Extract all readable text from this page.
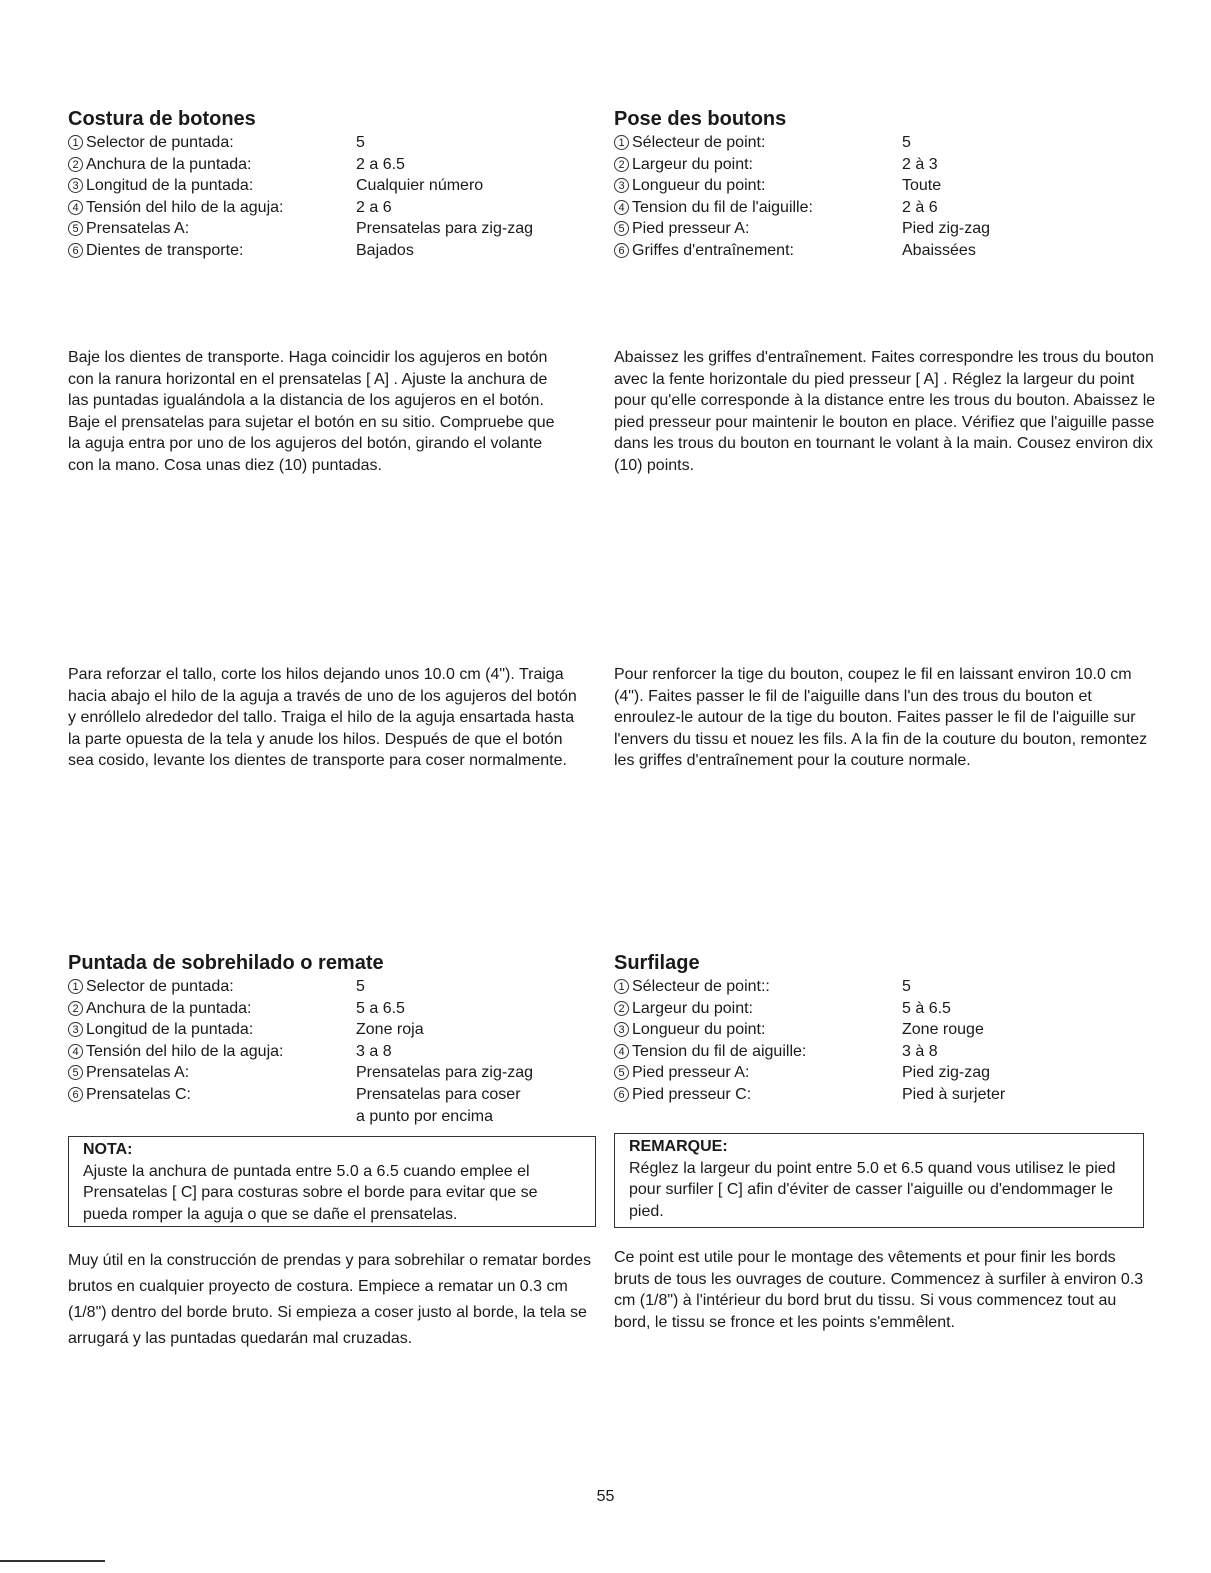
Costura de botones
1 Selector de puntada:	5
2 Anchura de la puntada:	2 a 6.5
3 Longitud de la puntada:	Cualquier número
4 Tensión del hilo de la aguja:	2 a 6
5 Prensatelas A:	Prensatelas para zig-zag
6 Dientes de transporte:	Bajados

Baje los dientes de transporte. Haga coincidir los agujeros en botón con la ranura horizontal en el prensatelas [ A] . Ajuste la anchura de las puntadas igualándola a la distancia de los agujeros en el botón. Baje el prensatelas para sujetar el botón en su sitio. Compruebe que la aguja entra por uno de los agujeros del botón, girando el volante con la mano. Cosa unas diez (10) puntadas.

Para reforzar el tallo, corte los hilos dejando unos 10.0 cm (4"). Traiga hacia abajo el hilo de la aguja a través de uno de los agujeros del botón y enróllelo alrededor del tallo. Traiga el hilo de la aguja ensartada hasta la parte opuesta de la tela y anude los hilos. Después de que el botón sea cosido, levante los dientes de transporte para coser normalmente.

Pose des boutons
1 Sélecteur de point:	5
2 Largeur du point:	2 à 3
3 Longueur du point:	Toute
4 Tension du fil de l'aiguille:	2 à 6
5 Pied presseur A:	Pied zig-zag
6 Griffes d'entraînement:	Abaissées

Abaissez les griffes d'entraînement. Faites correspondre les trous du bouton avec la fente horizontale du pied presseur [ A] . Réglez la largeur du point pour qu'elle corresponde à la distance entre les trous du bouton. Abaissez le pied presseur pour maintenir le bouton en place. Vérifiez que l'aiguille passe dans les trous du bouton en tournant le volant à la main. Cousez environ dix (10) points.

Pour renforcer la tige du bouton, coupez le fil en laissant environ 10.0 cm (4"). Faites passer le fil de l'aiguille dans l'un des trous du bouton et enroulez-le autour de la tige du bouton. Faites passer le fil de l'aiguille sur l'envers du tissu et nouez les fils. A la fin de la couture du bouton, remontez les griffes d'entraînement pour la couture normale.

Puntada de sobrehilado o remate
1 Selector de puntada:	5
2 Anchura de la puntada:	5 a 6.5
3 Longitud de la puntada:	Zone roja
4 Tensión del hilo de la aguja:	3 a 8
5 Prensatelas A:	Prensatelas para zig-zag
6 Prensatelas C:	Prensatelas para coser
a punto por encima
NOTA:
Ajuste la anchura de puntada entre 5.0 a 6.5 cuando emplee el Prensatelas [ C] para costuras sobre el borde para evitar que se pueda romper la aguja o que se dañe el prensatelas.

Muy útil en la construcción de prendas y para sobrehilar o rematar bordes brutos en cualquier proyecto de costura. Empiece a rematar un 0.3 cm (1/8") dentro del borde bruto. Si empieza a coser justo al borde, la tela se arrugará y las puntadas quedarán mal cruzadas.

Surfilage
1 Sélecteur de point::	5
2 Largeur du point:	5 à 6.5
3 Longueur du point:	Zone rouge
4 Tension du fil de aiguille:	3 à 8
5 Pied presseur A:	Pied zig-zag
6 Pied presseur C:	Pied à surjeter
REMARQUE:
Réglez la largeur du point entre 5.0 et 6.5 quand vous utilisez le pied pour surfiler [ C] afin d'éviter de casser l'aiguille ou d'endommager le pied.

Ce point est utile pour le montage des vêtements et pour finir les bords bruts de tous les ouvrages de couture. Commencez à surfiler à environ 0.3 cm (1/8") à l'intérieur du bord brut du tissu. Si vous commencez tout au bord, le tissu se fronce et les points s'emmêlent.

55
